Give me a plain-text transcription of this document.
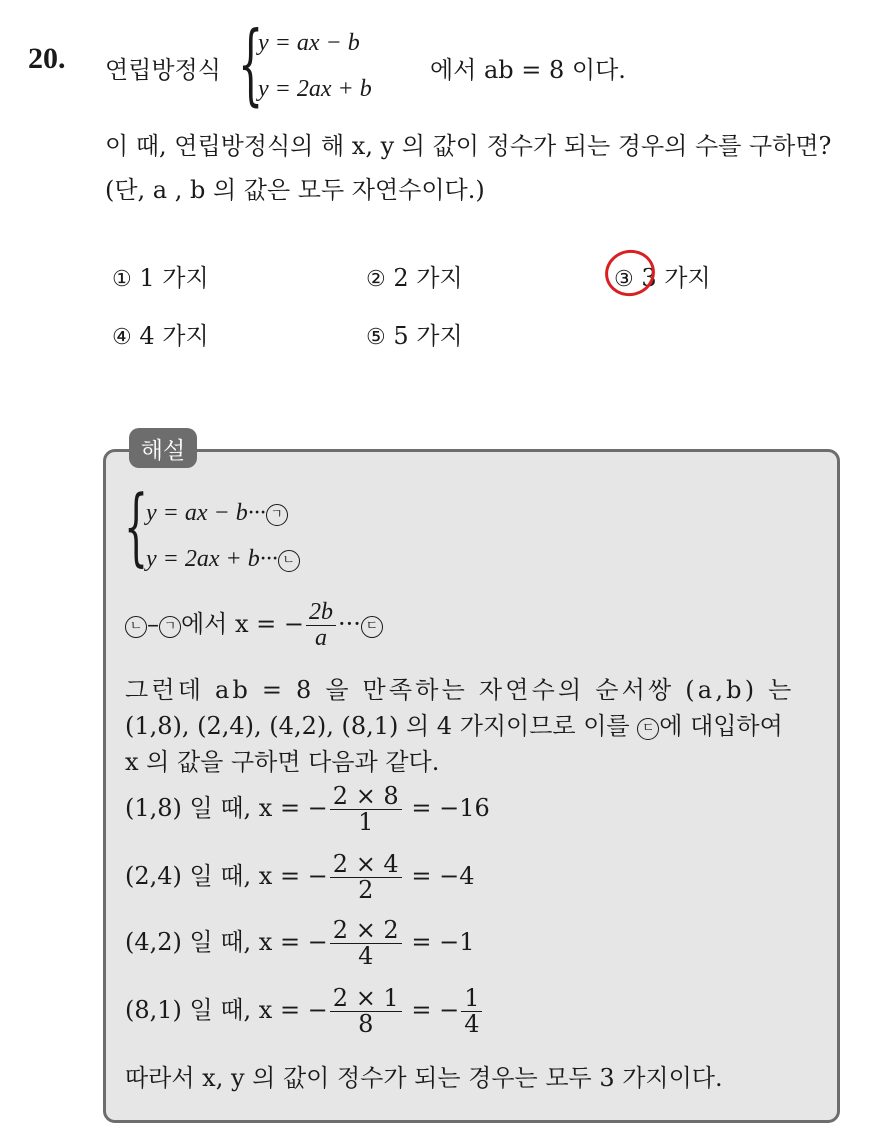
20. 연립방정식 {
y = ax − b
y = 2ax + b
에서 ab = 8 이다.
이 때, 연립방정식의 해 x, y 의 값이 정수가 되는 경우의 수를 구하면?
(단, a , b 의 값은 모두 자연수이다.)
① 1 가지	② 2 가지	③ 3 가지
④ 4 가지	⑤ 5 가지
해설
{
y = ax − b··· ㄱ
y = 2ax + b··· ㄴ
ㄴ – ㄱ 에서 x = − $\frac{2b}{a}$ ··· ㄷ
그런데 ab = 8 을 만족하는 자연수의 순서쌍 (a,b) 는
(1,8), (2,4), (4,2), (8,1) 의 4 가지이므로 이를 ㄷ 에 대입하여
x 의 값을 구하면 다음과 같다.
(1,8) 일 때, x = − $\frac{2 \times 8}{1} = -16$
(2,4) 일 때, x = − $\frac{2 \times 4}{2} = -4$
(4,2) 일 때, x = − $\frac{2 \times 2}{4} = -1$
(8,1) 일 때, x = − $\frac{2 \times 1}{8}$ = − $\frac{1}{4}$
따라서 x, y 의 값이 정수가 되는 경우는 모두 3 가지이다.
